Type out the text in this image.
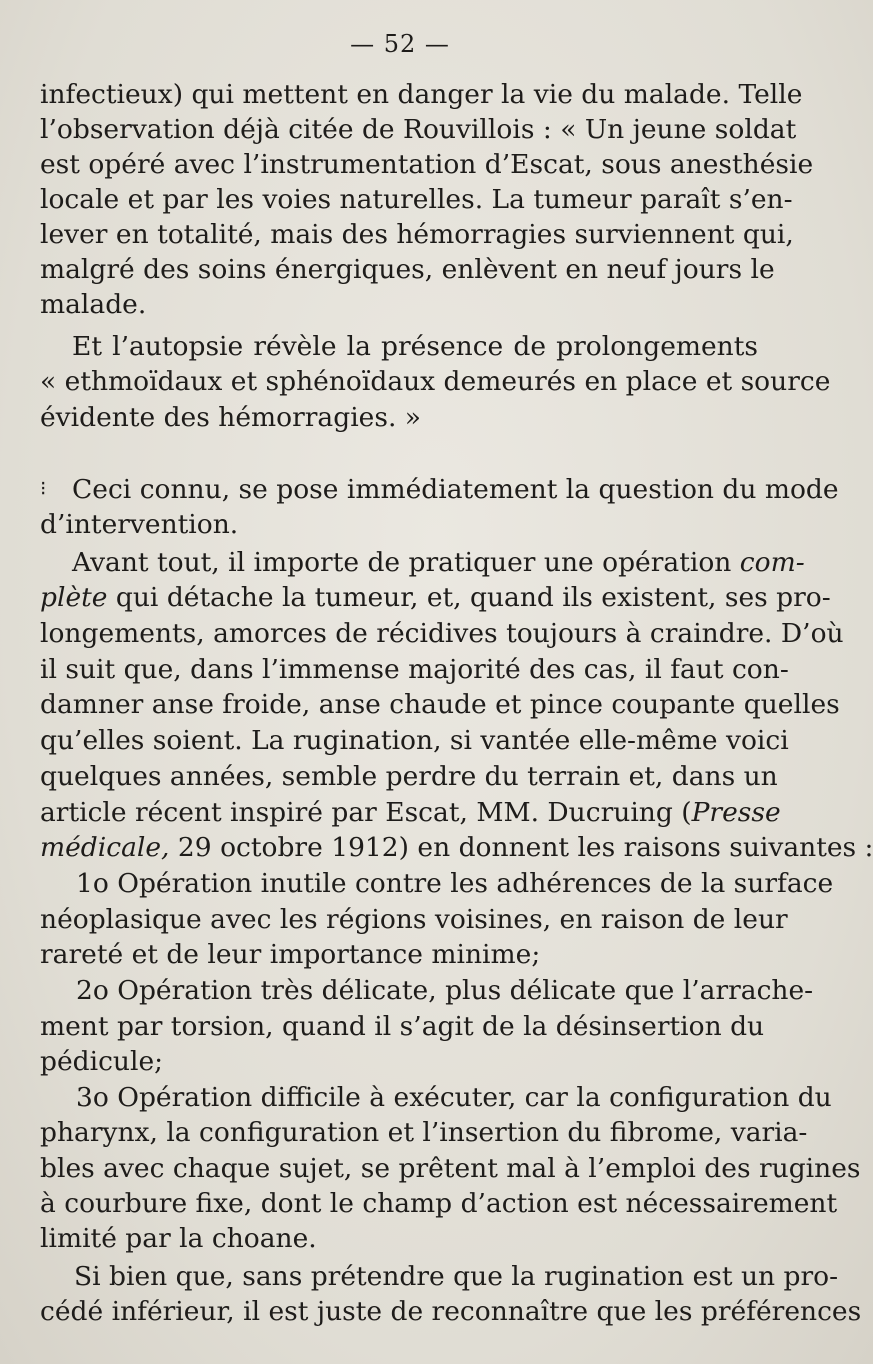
— 52 —
infectieux) qui mettent en danger la vie du malade. Telle
l’observation déjà citée de Rouvillois : « Un jeune soldat
est opéré avec l’instrumentation d’Escat, sous anesthésie
locale et par les voies naturelles. La tumeur paraît s’en-
lever en totalité, mais des hémorragies surviennent qui,
malgré des soins énergiques, enlèvent en neuf jours le
malade.
Et l’autopsie révèle la présence de prolongements
« ethmoïdaux et sphénoïdaux demeurés en place et source
évidente des hémorragies. »
⁝ Ceci connu, se pose immédiatement la question du mode
d’intervention.
Avant tout, il importe de pratiquer une opération com-
plète qui détache la tumeur, et, quand ils existent, ses pro-
longements, amorces de récidives toujours à craindre. D’où
il suit que, dans l’immense majorité des cas, il faut con-
damner anse froide, anse chaude et pince coupante quelles
qu’elles soient. La rugination, si vantée elle-même voici
quelques années, semble perdre du terrain et, dans un
article récent inspiré par Escat, MM. Ducruing (Presse
médicale, 29 octobre 1912) en donnent les raisons suivantes :
1o Opération inutile contre les adhérences de la surface
néoplasique avec les régions voisines, en raison de leur
rareté et de leur importance minime;
2o Opération très délicate, plus délicate que l’arrache-
ment par torsion, quand il s’agit de la désinsertion du
pédicule;
3o Opération difficile à exécuter, car la configuration du
pharynx, la configuration et l’insertion du fibrome, varia-
bles avec chaque sujet, se prêtent mal à l’emploi des rugines
à courbure fixe, dont le champ d’action est nécessairement
limité par la choane.
Si bien que, sans prétendre que la rugination est un pro-
cédé inférieur, il est juste de reconnaître que les préférences
